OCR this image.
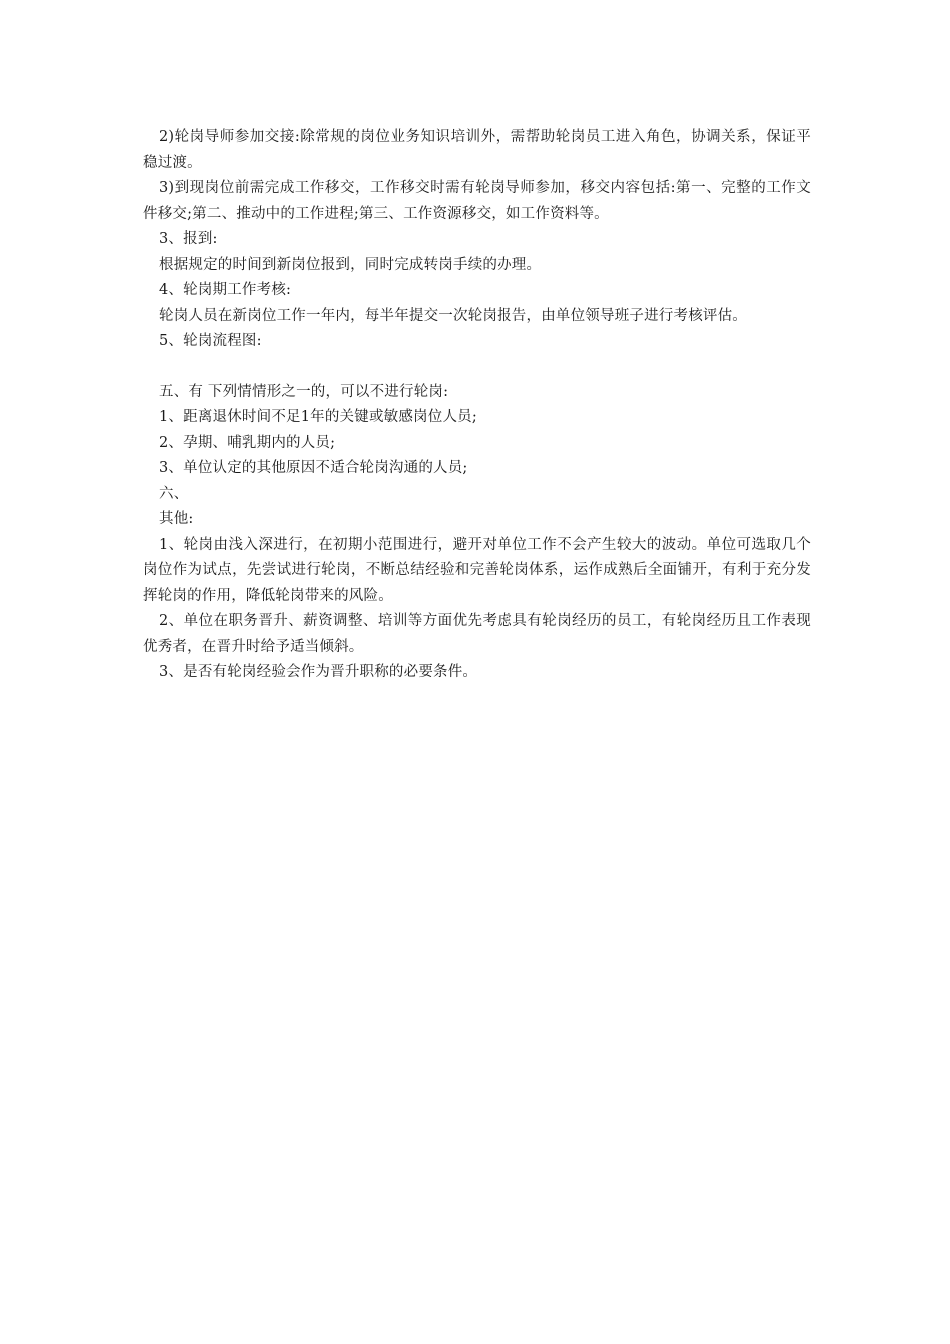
2)轮岗导师参加交接:除常规的岗位业务知识培训外，需帮助轮岗员工进入角色，协调关系，保证平稳过渡。

3)到现岗位前需完成工作移交，工作移交时需有轮岗导师参加，移交内容包括:第一、完整的工作文件移交;第二、推动中的工作进程;第三、工作资源移交，如工作资料等。

3、报到:

根据规定的时间到新岗位报到，同时完成转岗手续的办理。

4、轮岗期工作考核:

轮岗人员在新岗位工作一年内，每半年提交一次轮岗报告，由单位领导班子进行考核评估。

5、轮岗流程图:

五、有 下列情情形之一的，可以不进行轮岗:

1、距离退休时间不足1年的关键或敏感岗位人员;

2、孕期、哺乳期内的人员;

3、单位认定的其他原因不适合轮岗沟通的人员;

六、

其他:

1、轮岗由浅入深进行，在初期小范围进行，避开对单位工作不会产生较大的波动。单位可选取几个岗位作为试点，先尝试进行轮岗，不断总结经验和完善轮岗体系，运作成熟后全面铺开，有利于充分发挥轮岗的作用，降低轮岗带来的风险。

2、单位在职务晋升、薪资调整、培训等方面优先考虑具有轮岗经历的员工，有轮岗经历且工作表现优秀者，在晋升时给予适当倾斜。

3、是否有轮岗经验会作为晋升职称的必要条件。
